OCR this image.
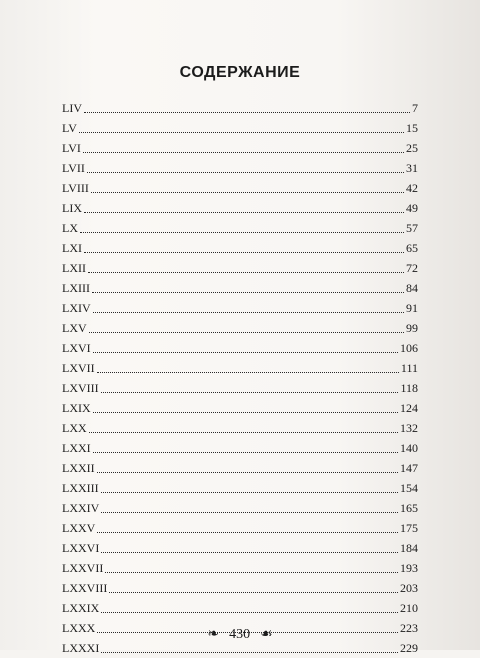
СОДЕРЖАНИЕ
LIV	7
LV	15
LVI	25
LVII	31
LVIII	42
LIX	49
LX	57
LXI	65
LXII	72
LXIII	84
LXIV	91
LXV	99
LXVI	106
LXVII	111
LXVIII	118
LXIX	124
LXX	132
LXXI	140
LXXII	147
LXXIII	154
LXXIV	165
LXXV	175
LXXVI	184
LXXVII	193
LXXVIII	203
LXXIX	210
LXXX	223
LXXXI	229
❧ 430 ☙
